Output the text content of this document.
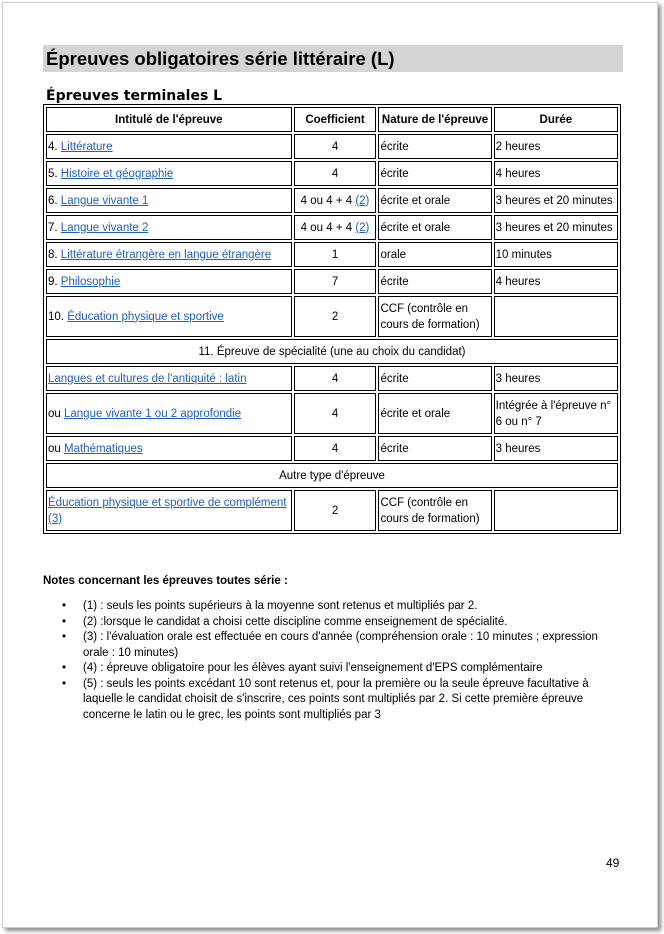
Épreuves obligatoires série littéraire (L)
Épreuves terminales L
Intitulé de l'épreuve	Coefficient	Nature de l'épreuve	Durée
4. Littérature	4	écrite	2 heures
5. Histoire et géographie	4	écrite	4 heures
6. Langue vivante 1	4 ou 4 + 4 (2)	écrite et orale	3 heures et 20 minutes
7. Langue vivante 2	4 ou 4 + 4 (2)	écrite et orale	3 heures et 20 minutes
8. Littérature étrangère en langue étrangère	1	orale	10 minutes
9. Philosophie	7	écrite	4 heures
10. Éducation physique et sportive	2	CCF (contrôle en cours de formation)	
11. Épreuve de spécialité (une au choix du candidat)			
Langues et cultures de l'antiquité : latin	4	écrite	3 heures
ou Langue vivante 1 ou 2 approfondie	4	écrite et orale	Intégrée à l'épreuve n° 6 ou n° 7
ou Mathématiques	4	écrite	3 heures
Autre type d'épreuve			
Éducation physique et sportive de complément (3)	2	CCF (contrôle en cours de formation)	
Notes concernant les épreuves toutes série :
• (1) : seuls les points supérieurs à la moyenne sont retenus et multipliés par 2.
• (2) :lorsque le candidat a choisi cette discipline comme enseignement de spécialité.
• (3) : l'évaluation orale est effectuée en cours d'année (compréhension orale : 10 minutes ; expression orale : 10 minutes)
• (4) : épreuve obligatoire pour les élèves ayant suivi l'enseignement d'EPS complémentaire
• (5) : seuls les points excédant 10 sont retenus et, pour la première ou la seule épreuve facultative à laquelle le candidat choisit de s'inscrire, ces points sont multipliés par 2. Si cette première épreuve concerne le latin ou le grec, les points sont multipliés par 3
49
